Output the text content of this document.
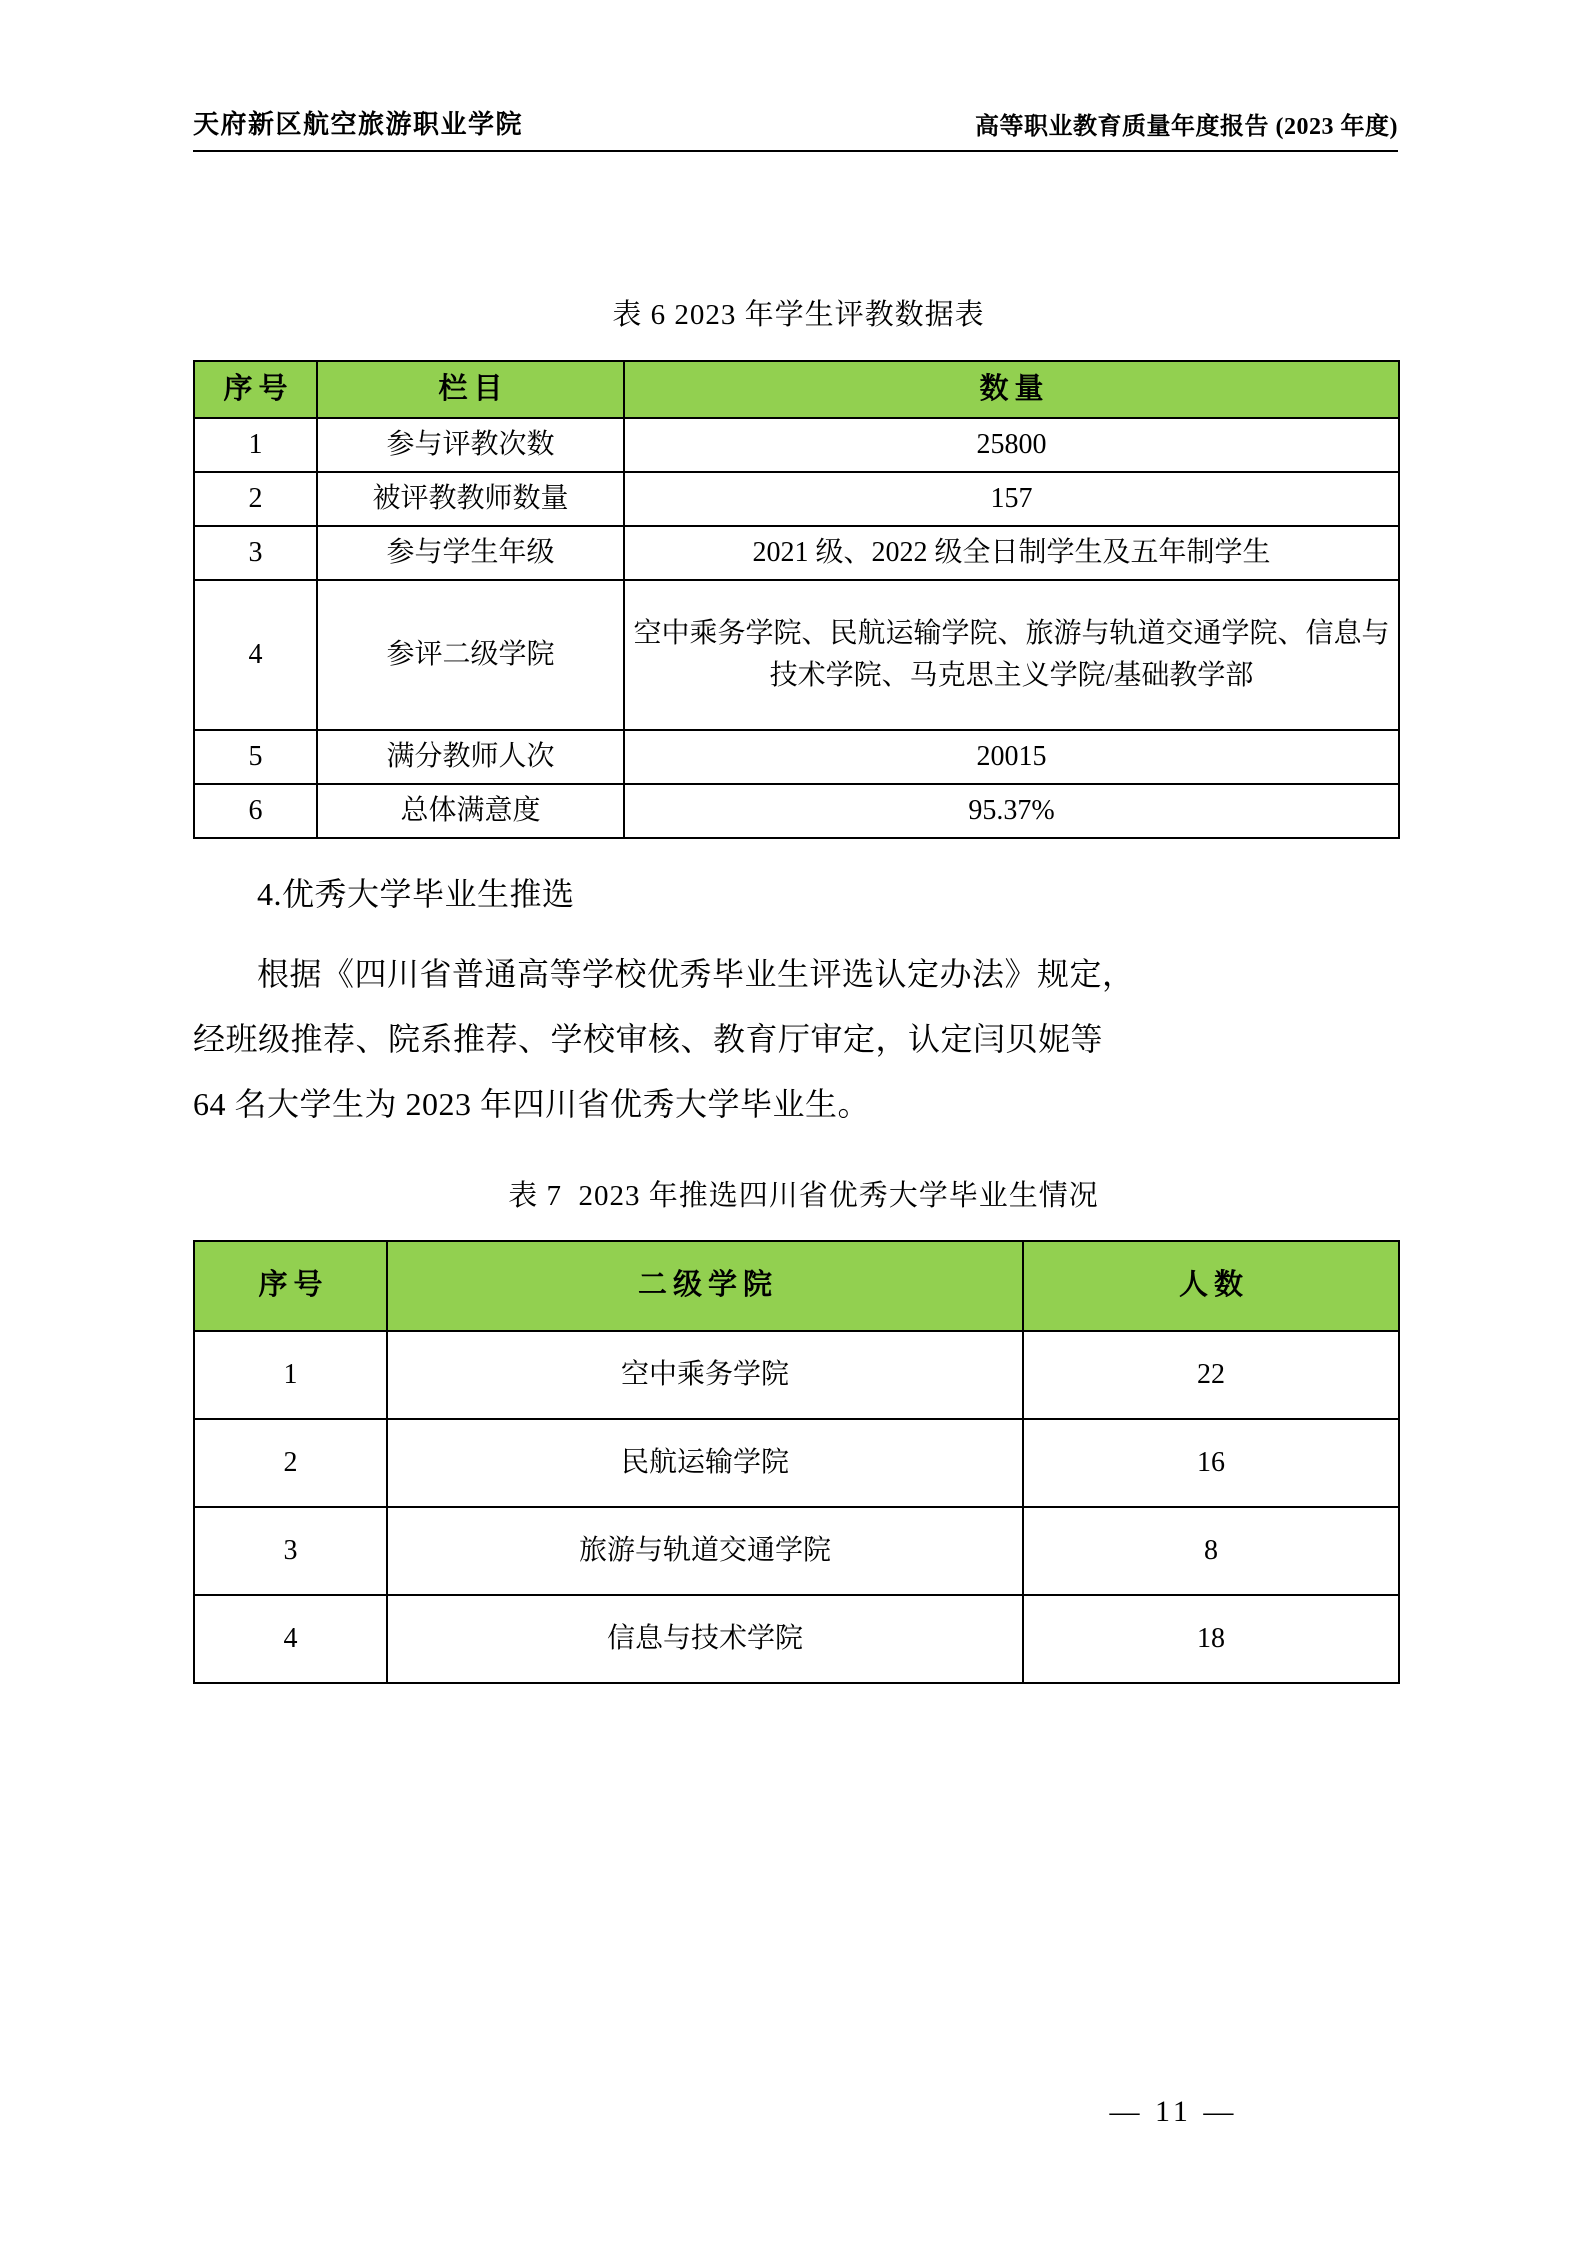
天府新区航空旅游职业学院	高等职业教育质量年度报告 (2023 年度)
表 6 2023 年学生评教数据表
序号	栏目	数量
1	参与评教次数	25800
2	被评教教师数量	157
3	参与学生年级	2021 级、2022 级全日制学生及五年制学生
4	参评二级学院	空中乘务学院、民航运输学院、旅游与轨道交通学院、信息与技术学院、马克思主义学院/基础教学部
5	满分教师人次	20015
6	总体满意度	95.37%
4.优秀大学毕业生推选
根据《四川省普通高等学校优秀毕业生评选认定办法》规定，
经班级推荐、院系推荐、学校审核、教育厅审定，认定闫贝妮等
64 名大学生为 2023 年四川省优秀大学毕业生。
表 7  2023 年推选四川省优秀大学毕业生情况
序号	二级学院	人数
1	空中乘务学院	22
2	民航运输学院	16
3	旅游与轨道交通学院	8
4	信息与技术学院	18
— 11 —
